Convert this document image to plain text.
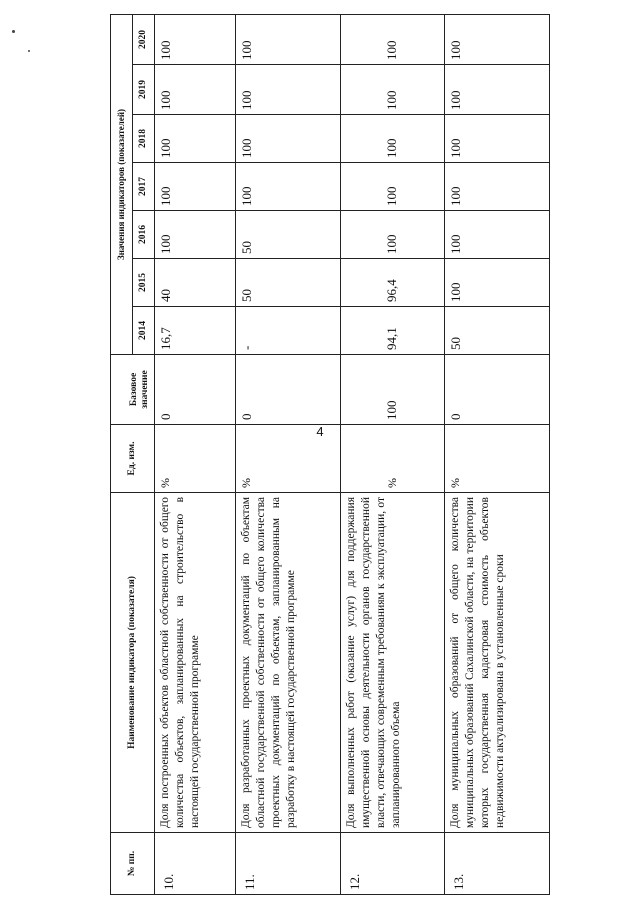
4
№ пп.	Наименование индикатора (показателя)	Ед. изм.	Базовое значение	Значения индикаторов (показателей)						
				2014	2015	2016	2017	2018	2019	2020
10.	Доля построенных объектов областной собственности от общего количества объектов, запланированных на строительство в настоящей государственной программе	%	0	16,7	40	100	100	100	100	100
11.	Доля разработанных проектных документаций по объектам областной государственной собственности от общего количества проектных документаций по объектам, запланированным на разработку в настоящей государственной программе	%	0	-	50	50	100	100	100	100
12.	Доля выполненных работ (оказание услуг) для поддержания имущественной основы деятельности органов государственной власти, отвечающих современным требованиям к эксплуатации, от запланированного объема	%	100	94,1	96,4	100	100	100	100	100
13.	Доля муниципальных образований от общего количества муниципальных образований Сахалинской области, на территории которых государственная кадастровая стоимость объектов недвижимости актуализирована в установленные сроки	%	0	50	100	100	100	100	100	100
